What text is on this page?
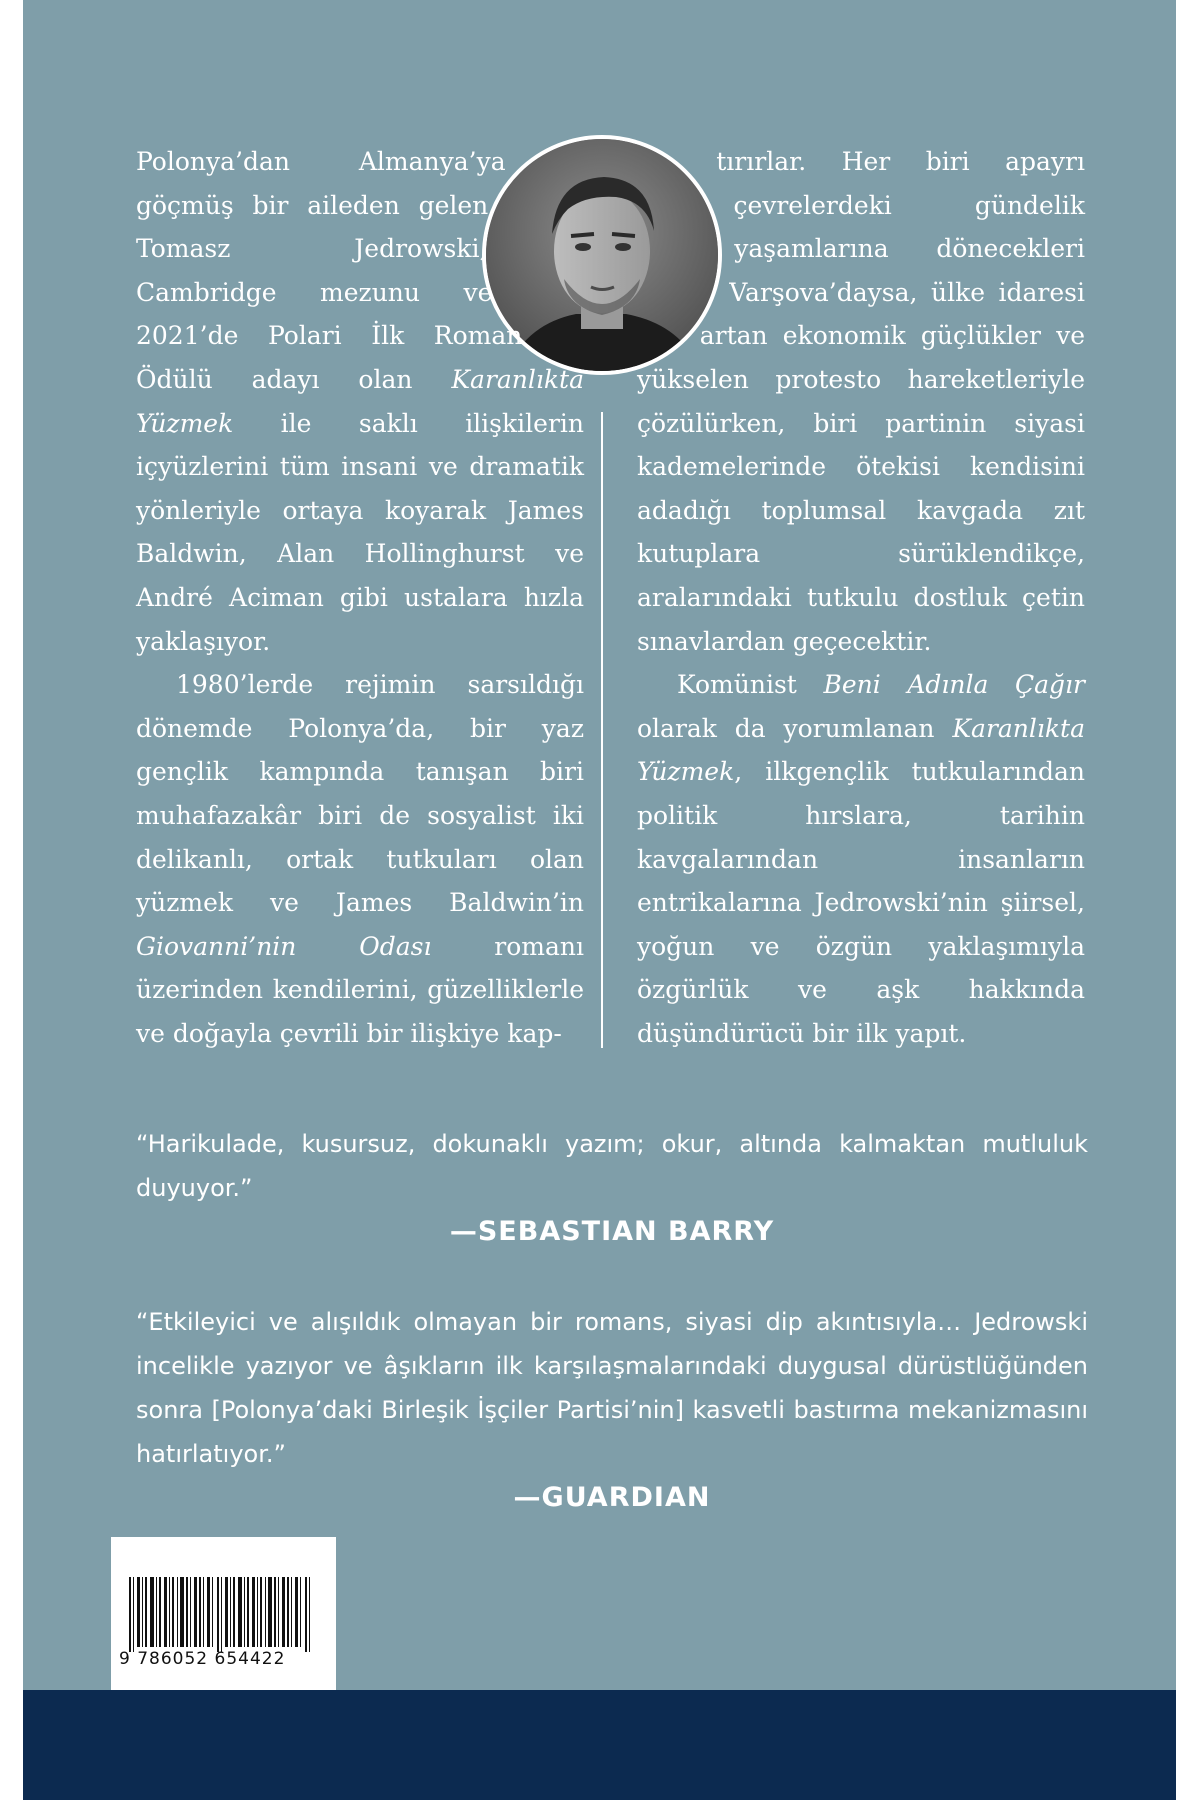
Polonya’dan Almanya’ya göçmüş bir aileden gelen Tomasz Jedrowski, Cambridge mezunu ve 2021’de Polari İlk Roman Ödülü adayı olan Karanlıkta Yüzmek ile saklı ilişkilerin içyüzlerini tüm insani ve dramatik yönleriyle ortaya koyarak James Baldwin, Alan Hollinghurst ve André Aciman gibi ustalara hızla yaklaşıyor.

1980’lerde rejimin sarsıldığı dönemde Polonya’da, bir yaz gençlik kampında tanışan biri muhafazakâr biri de sosyalist iki delikanlı, ortak tutkuları olan yüzmek ve James Baldwin’in Giovanni’nin Odası romanı üzerinden kendilerini, güzelliklerle ve doğayla çevrili bir ilişkiye kap-

tırırlar. Her biri apayrı çevrelerdeki gündelik yaşamlarına dönecekleri Varşova’daysa, ülke idaresi artan ekonomik güçlükler ve yükselen protesto hareketleriyle çözülürken, biri partinin siyasi kademelerinde ötekisi kendisini adadığı toplumsal kavgada zıt kutuplara sürüklendikçe, aralarındaki tutkulu dostluk çetin sınavlardan geçecektir.

Komünist Beni Adınla Çağır olarak da yorumlanan Karanlıkta Yüzmek, ilkgençlik tutkularından politik hırslara, tarihin kavgalarından insanların entrikalarına Jedrowski’nin şiirsel, yoğun ve özgün yaklaşımıyla özgürlük ve aşk hakkında düşündürücü bir ilk yapıt.

“Harikulade, kusursuz, dokunaklı yazım; okur, altında kalmaktan mutluluk duyuyor.”

—SEBASTIAN BARRY

“Etkileyici ve alışıldık olmayan bir romans, siyasi dip akıntısıyla… Jedrowski incelikle yazıyor ve âşıkların ilk karşılaşmalarındaki duygusal dürüstlüğünden sonra [Polonya’daki Birleşik İşçiler Partisi’nin] kasvetli bastırma mekanizmasını hatırlatıyor.”

—GUARDIAN

9 786052 654422
